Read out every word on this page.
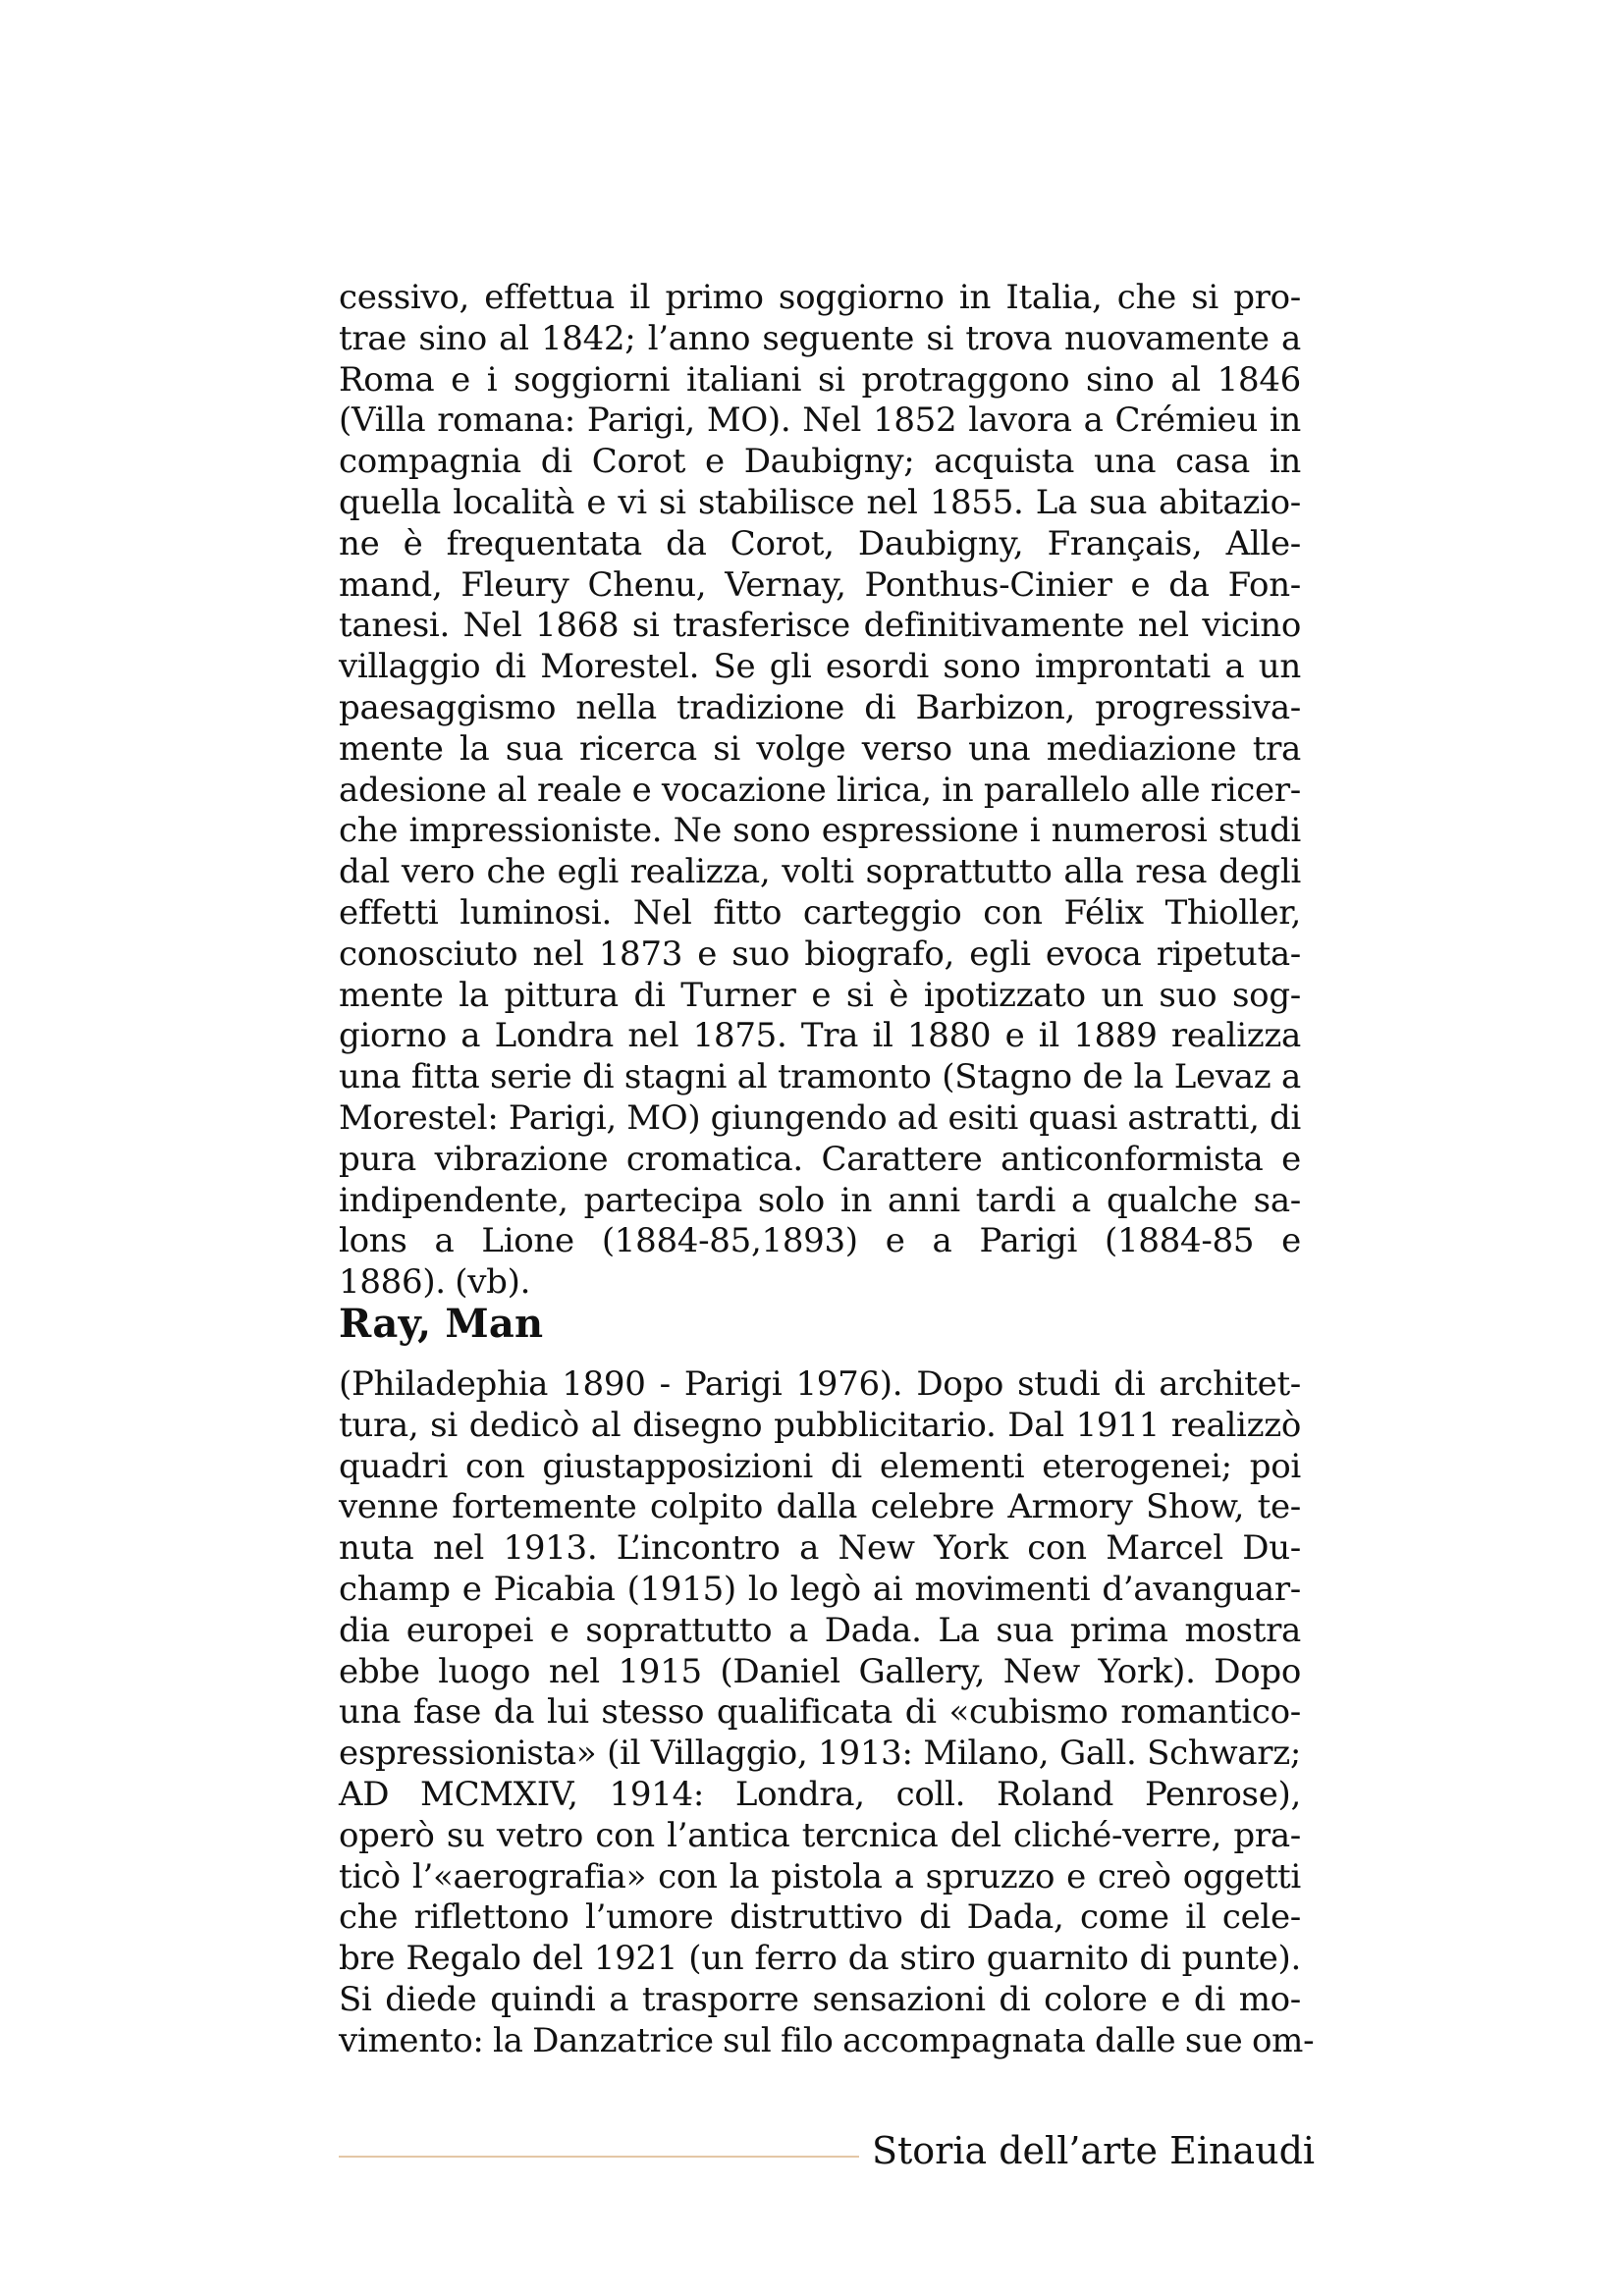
cessivo, effettua il primo soggiorno in Italia, che si pro-
trae sino al 1842; l’anno seguente si trova nuovamente a
Roma e i soggiorni italiani si protraggono sino al 1846
(Villa romana: Parigi, MO). Nel 1852 lavora a Crémieu in
compagnia di Corot e Daubigny; acquista una casa in
quella località e vi si stabilisce nel 1855. La sua abitazio-
ne è frequentata da Corot, Daubigny, Français, Alle-
mand, Fleury Chenu, Vernay, Ponthus-Cinier e da Fon-
tanesi. Nel 1868 si trasferisce definitivamente nel vicino
villaggio di Morestel. Se gli esordi sono improntati a un
paesaggismo nella tradizione di Barbizon, progressiva-
mente la sua ricerca si volge verso una mediazione tra
adesione al reale e vocazione lirica, in parallelo alle ricer-
che impressioniste. Ne sono espressione i numerosi studi
dal vero che egli realizza, volti soprattutto alla resa degli
effetti luminosi. Nel fitto carteggio con Félix Thioller,
conosciuto nel 1873 e suo biografo, egli evoca ripetuta-
mente la pittura di Turner e si è ipotizzato un suo sog-
giorno a Londra nel 1875. Tra il 1880 e il 1889 realizza
una fitta serie di stagni al tramonto (Stagno de la Levaz a
Morestel: Parigi, MO) giungendo ad esiti quasi astratti, di
pura vibrazione cromatica. Carattere anticonformista e
indipendente, partecipa solo in anni tardi a qualche sa-
lons a Lione (1884-85,1893) e a Parigi (1884-85 e
1886). (vb).
Ray, Man
(Philadephia 1890 - Parigi 1976). Dopo studi di architet-
tura, si dedicò al disegno pubblicitario. Dal 1911 realizzò
quadri con giustapposizioni di elementi eterogenei; poi
venne fortemente colpito dalla celebre Armory Show, te-
nuta nel 1913. L’incontro a New York con Marcel Du-
champ e Picabia (1915) lo legò ai movimenti d’avanguar-
dia europei e soprattutto a Dada. La sua prima mostra
ebbe luogo nel 1915 (Daniel Gallery, New York). Dopo
una fase da lui stesso qualificata di «cubismo romantico-
espressionista» (il Villaggio, 1913: Milano, Gall. Schwarz;
AD MCMXIV, 1914: Londra, coll. Roland Penrose),
operò su vetro con l’antica tercnica del cliché-verre, pra-
ticò l’«aerografia» con la pistola a spruzzo e creò oggetti
che riflettono l’umore distruttivo di Dada, come il cele-
bre Regalo del 1921 (un ferro da stiro guarnito di punte).
Si diede quindi a trasporre sensazioni di colore e di mo-
vimento: la Danzatrice sul filo accompagnata dalle sue om-
Storia dell’arte Einaudi
